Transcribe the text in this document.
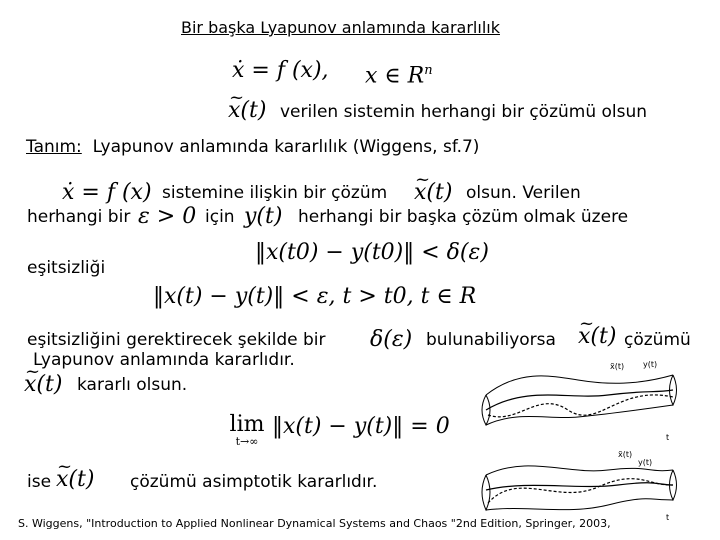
Bir başka Lyapunov anlamında kararlılık
ẋ = f (x), x ∈ $R^n$
~ x(t) verilen sistemin herhangi bir çözümü olsun
Tanım: Lyapunov anlamında kararlılık (Wiggens, sf.7)
ẋ = f (x) sistemine ilişkin bir çözüm ~ x(t) olsun. Verilen
herhangi bir ε > 0 için y(t) herhangi bir başka çözüm olmak üzere
‖x(t0) − y(t0)‖ < δ(ε)
eşitsizliği
‖x(t) − y(t)‖ < ε, t > t0, t ∈ R
eşitsizliğini gerektirecek şekilde bir δ(ε) bulunabiliyorsa ~ x(t) çözümü
Lyapunov anlamında kararlıdır.
~ x(t) kararlı olsun.
lim
t→∞
‖x(t) − y(t)‖ = 0
ise ~ x(t) çözümü asimptotik kararlıdır.
x̃(t) y(t)
t
x̃(t)
y(t)
t
S. Wiggens, "Introduction to Applied Nonlinear Dynamical Systems and Chaos "2nd Edition, Springer, 2003,
